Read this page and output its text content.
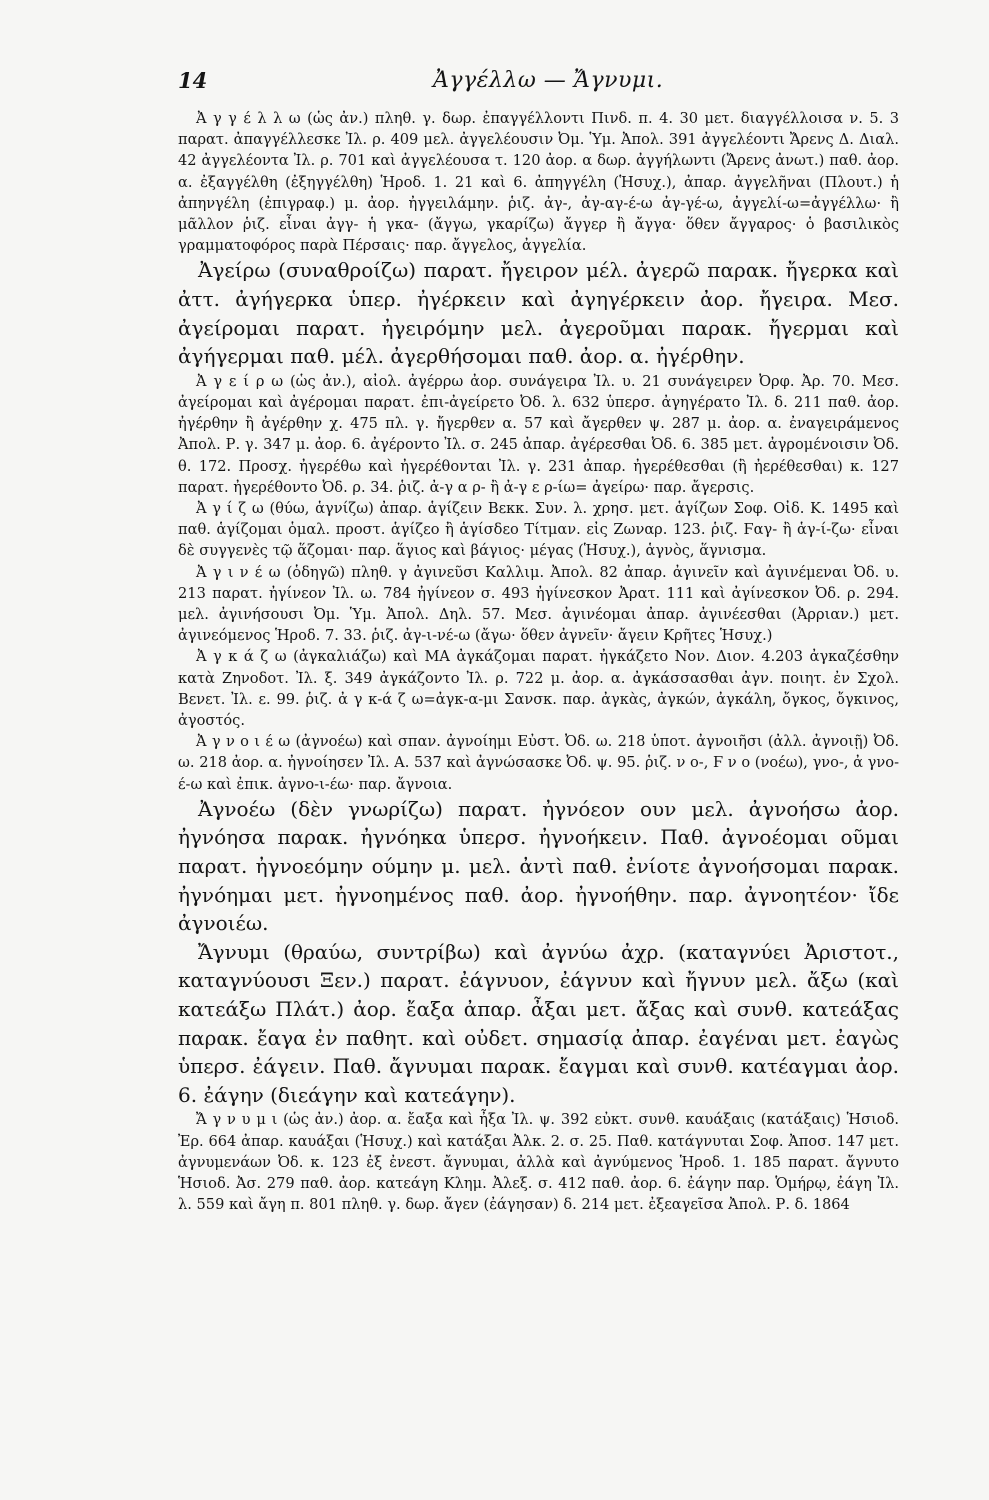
14	Ἀγγέλλω — Ἄγνυμι.

Ἀ γ γ έ λ λ ω (ὡς ἀν.) πληθ. γ. δωρ. ἐπαγγέλλοντι Πινδ. π. 4. 30 μετ. διαγγέλλοισα ν. 5. 3 παρατ. ἀπαγγέλλεσκε Ἰλ. ρ. 409 μελ. ἀγγελέουσιν Ὀμ. Ὑμ. Ἀπολ. 391 ἀγγελέοντι Ἄρενς Δ. Διαλ. 42 ἀγγελέοντα Ἰλ. ρ. 701 καὶ ἀγγελέουσα τ. 120 ἀορ. α δωρ. ἀγγήλωντι (Ἄρενς ἀνωτ.) παθ. ἀορ. α. ἐξαγγέλθη (ἐξηγγέλθη) Ἡροδ. 1. 21 καὶ 6. ἀπηγγέλη (Ἡσυχ.), ἀπαρ. ἀγγελῆναι (Πλουτ.) ἡ ἀπηνγέλη (ἐπιγραφ.) μ. ἀορ. ἠγγειλάμην. ῥιζ. ἀγ-, ἀγ-αγ-έ-ω ἀγ-γέ-ω, ἀγγελί-ω=ἀγγέλλω· ἢ μᾶλλον ῥιζ. εἶναι ἀγγ- ἡ γκα- (ἄγγω, γκαρίζω) ἄγγερ ἢ ἄγγα· ὅθεν ἄγγαρος· ὁ βασιλικὸς γραμματοφόρος παρὰ Πέρσαις· παρ. ἄγγελος, ἀγγελία.

Ἀγείρω (συναθροίζω) παρατ. ἤγειρον μέλ. ἀγερῶ παρακ. ἤγερκα καὶ ἀττ. ἀγήγερκα ὑπερ. ἠγέρκειν καὶ ἀγηγέρκειν ἀορ. ἤγειρα. Μεσ. ἀγείρομαι παρατ. ἠγειρόμην μελ. ἀγεροῦμαι παρακ. ἤγερμαι καὶ ἀγήγερμαι παθ. μέλ. ἀγερθήσομαι παθ. ἀορ. α. ἠγέρθην.

Ἀ γ ε ί ρ ω (ὡς ἀν.), αἰολ. ἀγέρρω ἀορ. συνάγειρα Ἰλ. υ. 21 συνάγειρεν Ὀρφ. Ἀρ. 70. Μεσ. ἀγείρομαι καὶ ἀγέρομαι παρατ. ἐπι-ἀγείρετο Ὀδ. λ. 632 ὑπερσ. ἀγηγέρατο Ἰλ. δ. 211 παθ. ἀορ. ἠγέρθην ἢ ἀγέρθην χ. 475 πλ. γ. ἤγερθεν α. 57 καὶ ἄγερθεν ψ. 287 μ. ἀορ. α. ἐναγειράμενος Ἀπολ. Ρ. γ. 347 μ. ἀορ. 6. ἀγέροντο Ἰλ. σ. 245 ἀπαρ. ἀγέρεσθαι Ὀδ. 6. 385 μετ. ἀγρομένοισιν Ὀδ. θ. 172. Προσχ. ἠγερέθω καὶ ἠγερέθονται Ἰλ. γ. 231 ἀπαρ. ἠγερέθεσθαι (ἢ ἠερέθεσθαι) κ. 127 παρατ. ἠγερέθοντο Ὀδ. ρ. 34. ῥιζ. ἀ-γ α ρ- ἢ ἀ-γ ε ρ-ίω= ἀγείρω· παρ. ἄγερσις.

Ἀ γ ί ζ ω (θύω, ἁγνίζω) ἀπαρ. ἁγίζειν Βεκκ. Συν. λ. χρησ. μετ. ἁγίζων Σοφ. Οἰδ. Κ. 1495 καὶ παθ. ἁγίζομαι ὁμαλ. προστ. ἁγίζεο ἢ ἁγίσδεο Τίτμαν. εἰς Ζωναρ. 123. ῥιζ. Ϝαγ- ἢ ἁγ-ί-ζω· εἶναι δὲ συγγενὲς τῷ ἅζομαι· παρ. ἅγιος καὶ βάγιος· μέγας (Ἡσυχ.), ἁγνὸς, ἅγνισμα.

Ἀ γ ι ν έ ω (ὁδηγῶ) πληθ. γ ἀγινεῦσι Καλλιμ. Ἀπολ. 82 ἀπαρ. ἀγινεῖν καὶ ἀγινέμεναι Ὀδ. υ. 213 παρατ. ἠγίνεον Ἰλ. ω. 784 ἠγίνεον σ. 493 ἠγίνεσκον Ἀρατ. 111 καὶ ἀγίνεσκον Ὀδ. ρ. 294. μελ. ἀγινήσουσι Ὀμ. Ὑμ. Ἀπολ. Δηλ. 57. Μεσ. ἀγινέομαι ἀπαρ. ἀγινέεσθαι (Ἀρριαν.) μετ. ἀγινεόμενος Ἡροδ. 7. 33. ῥιζ. ἀγ-ι-νέ-ω (ἄγω· ὅθεν ἀγνεῖν· ἄγειν Κρῆτες Ἡσυχ.)

Ἀ γ κ ά ζ ω (ἀγκαλιάζω) καὶ ΜΑ ἀγκάζομαι παρατ. ἠγκάζετο Νον. Διον. 4.203 ἀγκαζέσθην κατὰ Ζηνοδοτ. Ἰλ. ξ. 349 ἀγκάζοντο Ἰλ. ρ. 722 μ. ἀορ. α. ἀγκάσσασθαι ἀγν. ποιητ. ἐν Σχολ. Βενετ. Ἰλ. ε. 99. ῥιζ. ἀ γ κ-ά ζ ω=ἀγκ-α-μι Σανσκ. παρ. ἀγκὰς, ἀγκών, ἀγκάλη, ὄγκος, ὄγκινος, ἀγοστός.

Ἀ γ ν ο ι έ ω (ἀγνοέω) καὶ σπαν. ἀγνοίημι Εὐστ. Ὀδ. ω. 218 ὑποτ. ἀγνοιῆσι (ἀλλ. ἀγνοιῇ) Ὀδ. ω. 218 ἀορ. α. ἠγνοίησεν Ἰλ. Α. 537 καὶ ἀγνώσασκε Ὀδ. ψ. 95. ῥιζ. ν ο-, Ϝ ν ο (νοέω), γνο-, ἀ γνο-έ-ω καὶ ἐπικ. ἀγνο-ι-έω· παρ. ἄγνοια.

Ἀγνοέω (δὲν γνωρίζω) παρατ. ἠγνόεον ουν μελ. ἀγνοήσω ἀορ. ἠγνόησα παρακ. ἠγνόηκα ὑπερσ. ἠγνοήκειν. Παθ. ἀγνοέομαι οῦμαι παρατ. ἠγνοεόμην ούμην μ. μελ. ἀντὶ παθ. ἐνίοτε ἀγνοήσομαι παρακ. ἠγνόημαι μετ. ἠγνοημένος παθ. ἀορ. ἠγνοήθην. παρ. ἀγνοητέον· ἴδε ἀγνοιέω.

Ἄγνυμι (θραύω, συντρίβω) καὶ ἀγνύω ἀχρ. (καταγνύει Ἀριστοτ., καταγνύουσι Ξεν.) παρατ. ἐάγνυον, ἐάγνυν καὶ ἤγνυν μελ. ἄξω (καὶ κατεάξω Πλάτ.) ἀορ. ἔαξα ἀπαρ. ἆξαι μετ. ἄξας καὶ συνθ. κατεάξας παρακ. ἔαγα ἐν παθητ. καὶ οὐδετ. σημασίᾳ ἀπαρ. ἐαγέναι μετ. ἐαγὼς ὑπερσ. ἐάγειν. Παθ. ἄγνυμαι παρακ. ἔαγμαι καὶ συνθ. κατέαγμαι ἀορ. 6. ἐάγην (διεάγην καὶ κατεάγην).

Ἄ γ ν υ μ ι (ὡς ἀν.) ἀορ. α. ἔαξα καὶ ἦξα Ἰλ. ψ. 392 εὐκτ. συνθ. καυάξαις (κατάξαις) Ἡσιοδ. Ἐρ. 664 ἀπαρ. καυάξαι (Ἡσυχ.) καὶ κατάξαι Ἀλκ. 2. σ. 25. Παθ. κατάγνυται Σοφ. Ἀποσ. 147 μετ. ἀγνυμενάων Ὀδ. κ. 123 ἐξ ἐνεστ. ἄγνυμαι, ἀλλὰ καὶ ἀγνύμενος Ἡροδ. 1. 185 παρατ. ἄγνυτο Ἡσιοδ. Ἀσ. 279 παθ. ἀορ. κατεάγη Κλημ. Ἀλεξ. σ. 412 παθ. ἀορ. 6. ἐάγην παρ. Ὁμήρῳ, ἐάγη Ἰλ. λ. 559 καὶ ἄγη π. 801 πληθ. γ. δωρ. ἄγεν (ἐάγησαν) δ. 214 μετ. ἐξεαγεῖσα Ἀπολ. Ρ. δ. 1864
